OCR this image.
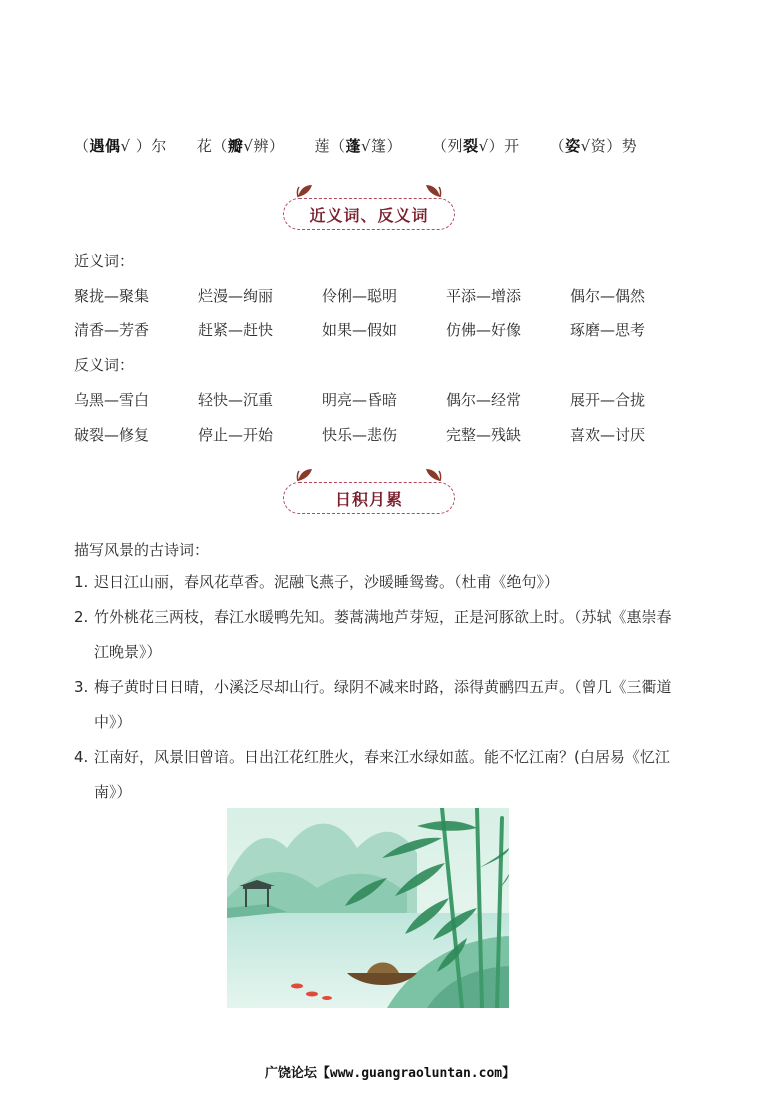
（遇偶√ ）尔 花（瓣√辨） 莲（蓬√篷） （列裂√）开 （姿√资）势
近义词、反义词
近义词：
聚拢—聚集	烂漫—绚丽	伶俐—聪明	平添—增添	偶尔—偶然
清香—芳香	赶紧—赶快	如果—假如	仿佛—好像	琢磨—思考
反义词：
乌黑—雪白	轻快—沉重	明亮—昏暗	偶尔—经常	展开—合拢
破裂—修复	停止—开始	快乐—悲伤	完整—残缺	喜欢—讨厌
日积月累
描写风景的古诗词：
1. 迟日江山丽，春风花草香。泥融飞燕子，沙暖睡鸳鸯。（杜甫《绝句》）
2. 竹外桃花三两枝，春江水暖鸭先知。蒌蒿满地芦芽短，正是河豚欲上时。（苏轼《惠崇春江晚景》）
3. 梅子黄时日日晴，小溪泛尽却山行。绿阴不减来时路，添得黄鹂四五声。（曾几《三衢道中》）
4. 江南好，风景旧曾谙。日出江花红胜火，春来江水绿如蓝。能不忆江南？(白居易《忆江南》）
广饶论坛【www.guangraoluntan.com】
